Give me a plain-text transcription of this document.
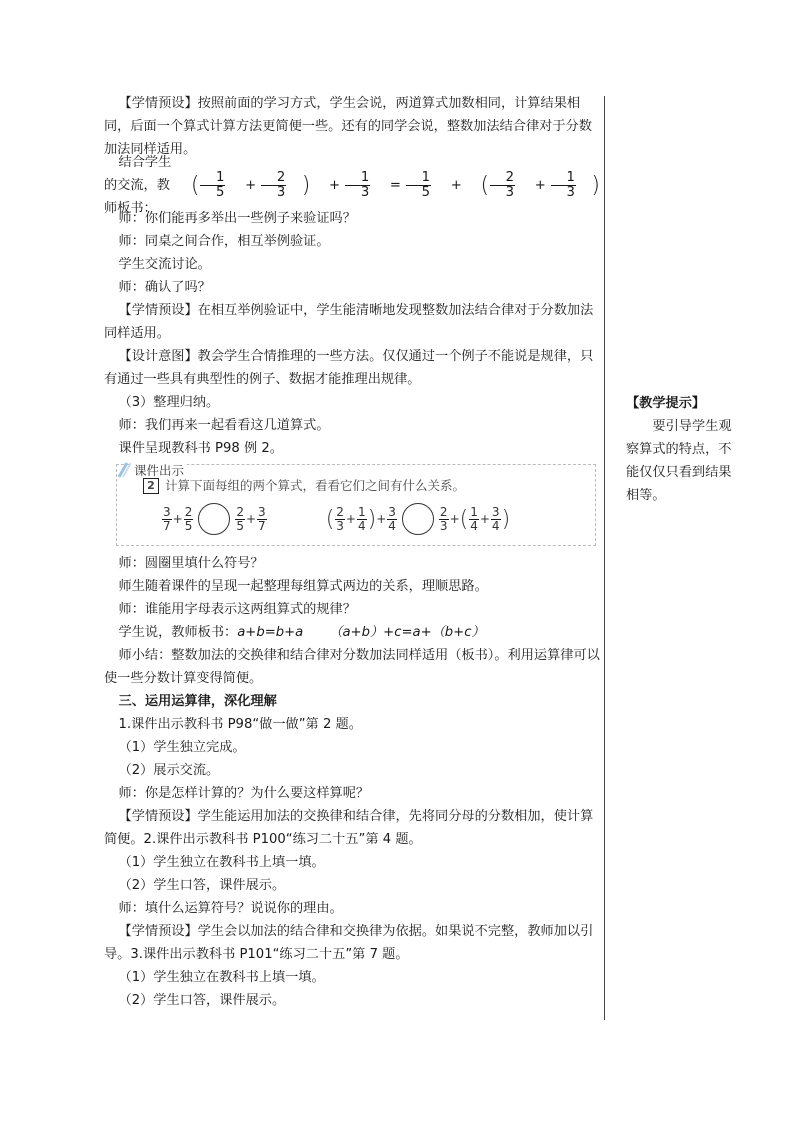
【学情预设】按照前面的学习方式，学生会说，两道算式加数相同，计算结果相同，后面一个算式计算方法更简便一些。还有的同学会说，整数加法结合律对于分数加法同样适用。

结合学生的交流，教师板书：
( $\frac{1}{5}$	+ $\frac{2}{3}$ )	+ $\frac{1}{3}$	= $\frac{1}{5}$	+ ( $\frac{2}{3}$	+ $\frac{1}{3}$ )

师：你们能再多举出一些例子来验证吗？

师：同桌之间合作，相互举例验证。

学生交流讨论。

师：确认了吗？

【学情预设】在相互举例验证中，学生能清晰地发现整数加法结合律对于分数加法同样适用。

【设计意图】教会学生合情推理的一些方法。仅仅通过一个例子不能说是规律，只有通过一些具有典型性的例子、数据才能推理出规律。

（3）整理归纳。

师：我们再来一起看看这几道算式。

课件呈现教科书 P98 例 2。

课件出示
2 计算下面每组的两个算式，看看它们之间有什么关系。
$\frac{3}{7} + \frac{2}{5}$	$\frac{2}{5} + \frac{3}{7}$	( $\frac{2}{3} + \frac{1}{4}$ ) + $\frac{3}{4}$	$\frac{2}{3}$ + ( $\frac{1}{4} + \frac{3}{4}$ )

师：圆圈里填什么符号？

师生随着课件的呈现一起整理每组算式两边的关系，理顺思路。

师：谁能用字母表示这两组算式的规律？

学生说，教师板书：a+b=b+a （a+b）+c=a+（b+c）

师小结：整数加法的交换律和结合律对分数加法同样适用（板书）。利用运算律可以使一些分数计算变得简便。

三、运用运算律，深化理解

1.课件出示教科书 P98“做一做”第 2 题。

（1）学生独立完成。

（2）展示交流。

师：你是怎样计算的？为什么要这样算呢？

【学情预设】学生能运用加法的交换律和结合律，先将同分母的分数相加，使计算简便。2.课件出示教科书 P100“练习二十五”第 4 题。

（1）学生独立在教科书上填一填。

（2）学生口答，课件展示。

师：填什么运算符号？说说你的理由。

【学情预设】学生会以加法的结合律和交换律为依据。如果说不完整，教师加以引导。3.课件出示教科书 P101“练习二十五”第 7 题。

（1）学生独立在教科书上填一填。

（2）学生口答，课件展示。

【教学提示】
要引导学生观察算式的特点，不能仅仅只看到结果相等。
